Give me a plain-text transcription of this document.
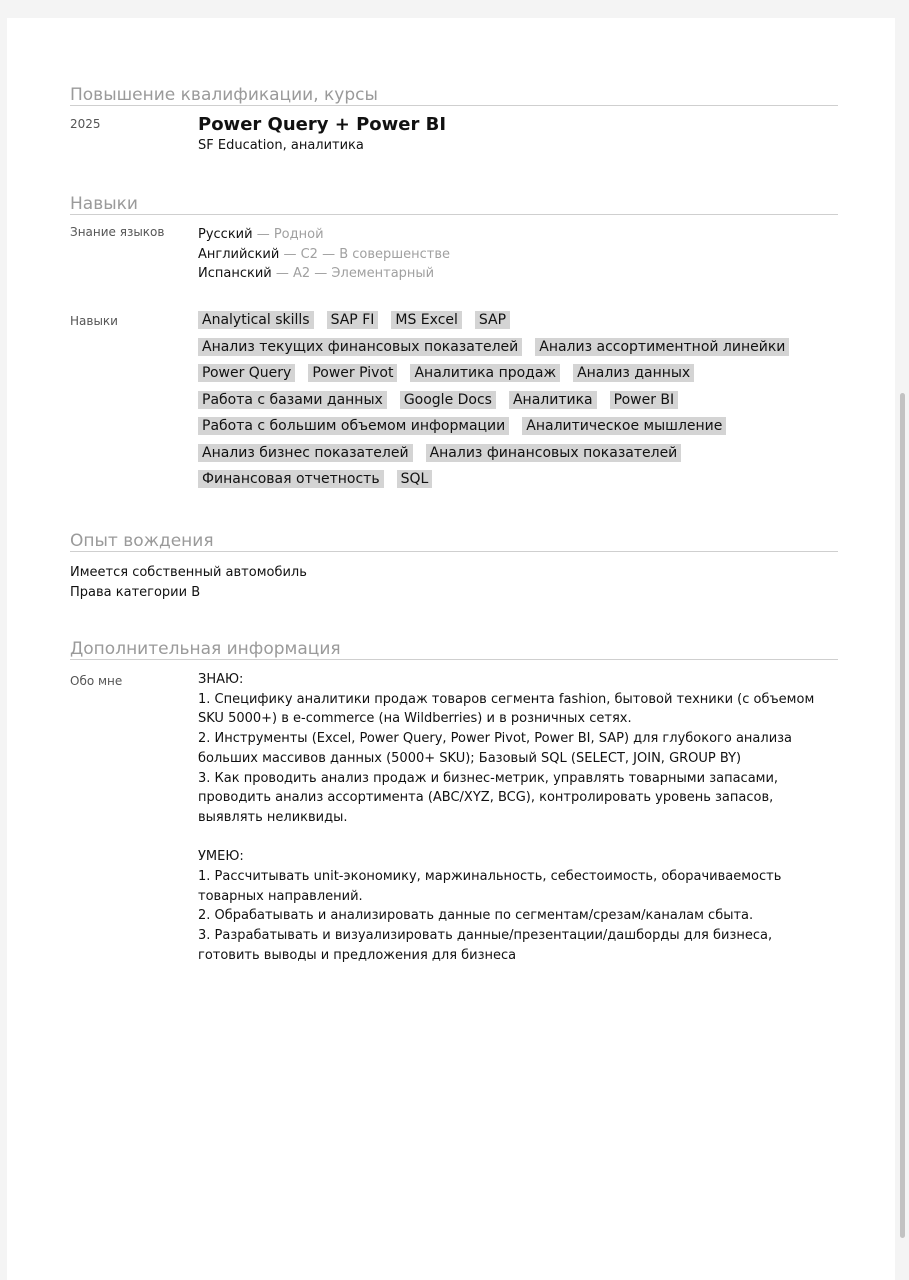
Повышение квалификации, курсы
2025	Power Query + Power BI
SF Education, аналитика
Навыки
Знание языков	Русский — Родной
Английский — C2 — В совершенстве
Испанский — A2 — Элементарный
Навыки	Analytical skills SAP FI MS Excel SAP
Анализ текущих финансовых показателей Анализ ассортиментной линейки
Power Query Power Pivot Аналитика продаж Анализ данных
Работа с базами данных Google Docs Аналитика Power BI
Работа с большим объемом информации Аналитическое мышление
Анализ бизнес показателей Анализ финансовых показателей
Финансовая отчетность SQL
Опыт вождения
Имеется собственный автомобиль
Права категории B
Дополнительная информация
Обо мне	ЗНАЮ:
1. Специфику аналитики продаж товаров сегмента fashion, бытовой техники (с объемом SKU 5000+) в e-commerce (на Wildberries) и в розничных сетях.
2. Инструменты (Excel, Power Query, Power Pivot, Power BI, SAP) для глубокого анализа больших массивов данных (5000+ SKU); Базовый SQL (SELECT, JOIN, GROUP BY)
3. Как проводить анализ продаж и бизнес-метрик, управлять товарными запасами, проводить анализ ассортимента (ABC/XYZ, BCG), контролировать уровень запасов, выявлять неликвиды.
УМЕЮ:
1. Рассчитывать unit-экономику, маржинальность, себестоимость, оборачиваемость товарных направлений.
2. Обрабатывать и анализировать данные по сегментам/срезам/каналам сбыта.
3. Разрабатывать и визуализировать данные/презентации/дашборды для бизнеса, готовить выводы и предложения для бизнеса
